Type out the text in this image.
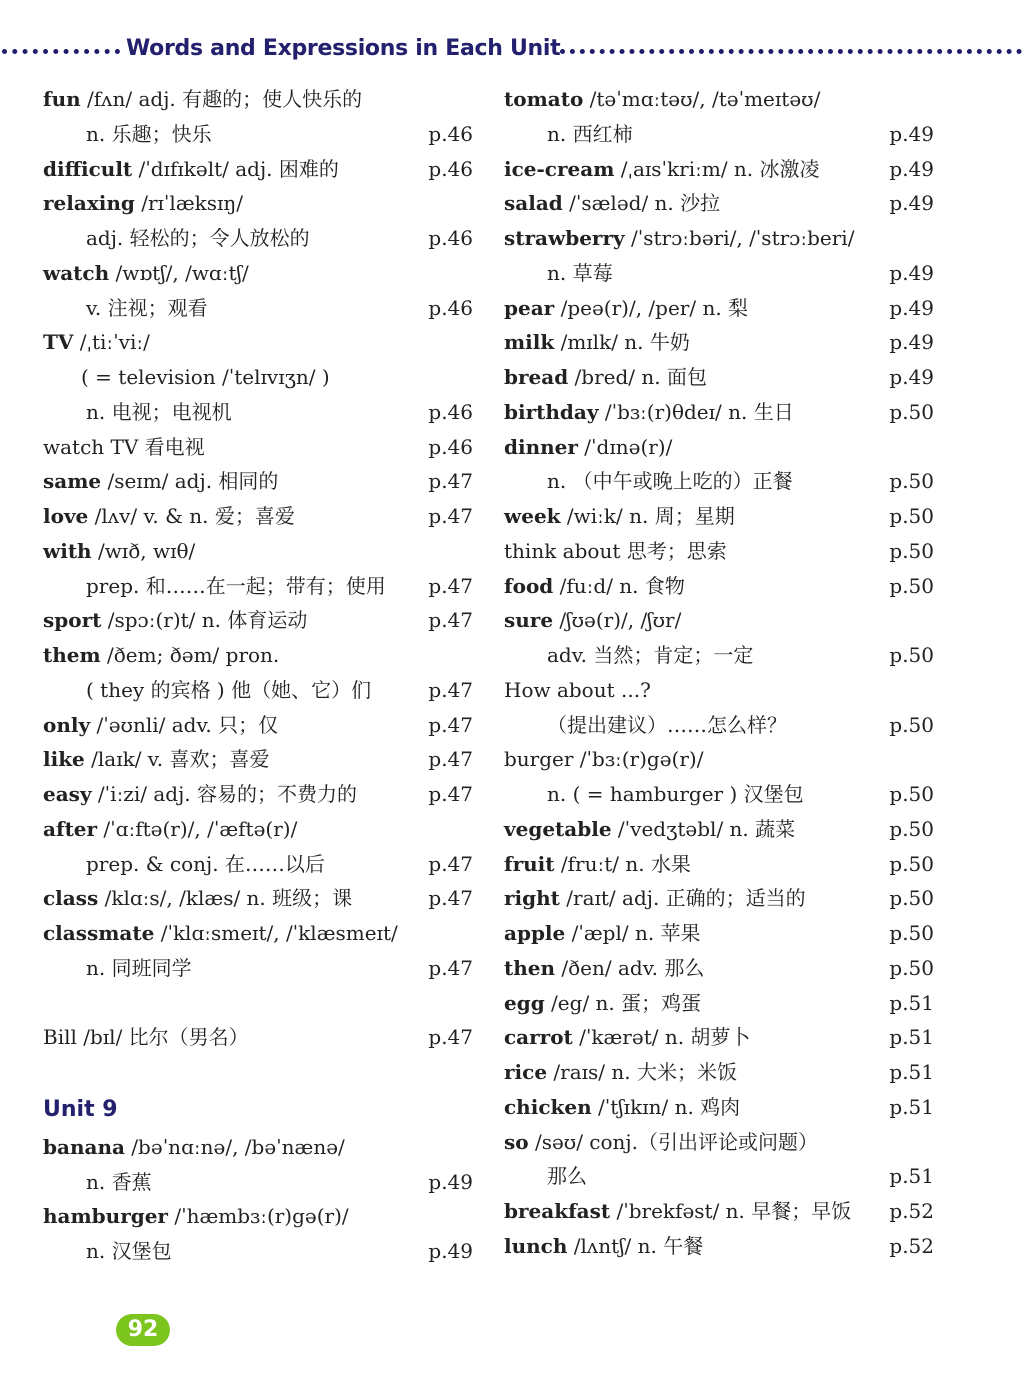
Words and Expressions in Each Unit
fun /fʌn/ adj. 有趣的；使人快乐的
n. 乐趣；快乐	p.46
difficult /ˈdɪfɪkəlt/ adj. 困难的	p.46
relaxing /rɪˈlæksɪŋ/
adj. 轻松的；令人放松的	p.46
watch /wɒtʃ/, /wɑːtʃ/
v. 注视；观看	p.46
TV /ˌtiːˈviː/
( = television /ˈtelɪvɪʒn/ )
n. 电视；电视机	p.46
watch TV 看电视	p.46
same /seɪm/ adj. 相同的	p.47
love /lʌv/ v. & n. 爱；喜爱	p.47
with /wɪð, wɪθ/
prep. 和……在一起；带有；使用 p.47
sport /spɔː(r)t/ n. 体育运动	p.47
them /ðem; ðəm/ pron.
( they 的宾格 ) 他（她、它）们	p.47
only /ˈəʊnli/ adv. 只；仅	p.47
like /laɪk/ v. 喜欢；喜爱	p.47
easy /ˈiːzi/ adj. 容易的；不费力的	p.47
after /ˈɑːftə(r)/, /ˈæftə(r)/
prep. & conj. 在……以后	p.47
class /klɑːs/, /klæs/ n. 班级；课	p.47
classmate /ˈklɑːsmeɪt/, /ˈklæsmeɪt/
n. 同班同学	p.47
Bill /bɪl/ 比尔（男名）	p.47
Unit 9
banana /bəˈnɑːnə/, /bəˈnænə/
n. 香蕉	p.49
hamburger /ˈhæmbɜː(r)gə(r)/
n. 汉堡包	p.49
tomato /təˈmɑːtəʊ/, /təˈmeɪtəʊ/
n. 西红柿	p.49
ice-cream /ˌaɪsˈkriːm/ n. 冰激凌	p.49
salad /ˈsæləd/ n. 沙拉	p.49
strawberry /ˈstrɔːbəri/, /ˈstrɔːberi/
n. 草莓	p.49
pear /peə(r)/, /per/ n. 梨	p.49
milk /mɪlk/ n. 牛奶	p.49
bread /bred/ n. 面包	p.49
birthday /ˈbɜː(r)θdeɪ/ n. 生日	p.50
dinner /ˈdɪnə(r)/
n. （中午或晚上吃的）正餐	p.50
week /wiːk/ n. 周；星期	p.50
think about 思考；思索	p.50
food /fuːd/ n. 食物	p.50
sure /ʃʊə(r)/, /ʃʊr/
adv. 当然；肯定；一定	p.50
How about ...?
（提出建议）……怎么样？	p.50
burger /ˈbɜː(r)gə(r)/
n. ( = hamburger ) 汉堡包	p.50
vegetable /ˈvedʒtəbl/ n. 蔬菜	p.50
fruit /fruːt/ n. 水果	p.50
right /raɪt/ adj. 正确的；适当的	p.50
apple /ˈæpl/ n. 苹果	p.50
then /ðen/ adv. 那么	p.50
egg /eg/ n. 蛋；鸡蛋	p.51
carrot /ˈkærət/ n. 胡萝卜	p.51
rice /raɪs/ n. 大米；米饭	p.51
chicken /ˈtʃɪkɪn/ n. 鸡肉	p.51
so /səʊ/ conj.（引出评论或问题）
那么	p.51
breakfast /ˈbrekfəst/ n. 早餐；早饭 p.52
lunch /lʌntʃ/ n. 午餐	p.52
92
